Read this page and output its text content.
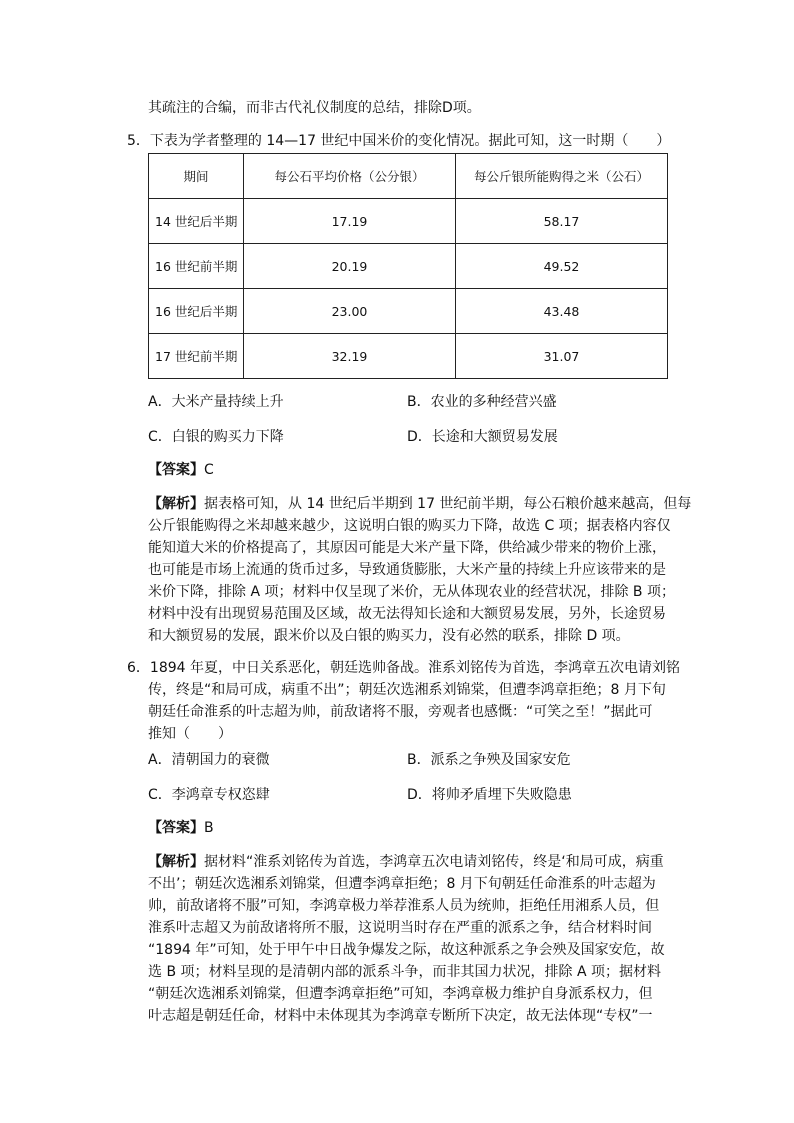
其疏注的合编，而非古代礼仪制度的总结，排除D项。
5．下表为学者整理的 14—17 世纪中国米价的变化情况。据此可知，这一时期（　　）
期间	每公石平均价格（公分银）	每公斤银所能购得之米（公石）
14 世纪后半期	17.19	58.17
16 世纪前半期	20.19	49.52
16 世纪后半期	23.00	43.48
17 世纪前半期	32.19	31.07
A．大米产量持续上升	B．农业的多种经营兴盛
C．白银的购买力下降	D．长途和大额贸易发展
【答案】C
【解析】据表格可知，从 14 世纪后半期到 17 世纪前半期，每公石粮价越来越高，但每
公斤银能购得之米却越来越少，这说明白银的购买力下降，故选 C 项；据表格内容仅
能知道大米的价格提高了，其原因可能是大米产量下降，供给减少带来的物价上涨，
也可能是市场上流通的货币过多，导致通货膨胀，大米产量的持续上升应该带来的是
米价下降，排除 A 项；材料中仅呈现了米价，无从体现农业的经营状况，排除 B 项；
材料中没有出现贸易范围及区域，故无法得知长途和大额贸易发展，另外，长途贸易
和大额贸易的发展，跟米价以及白银的购买力，没有必然的联系，排除 D 项。
6．1894 年夏，中日关系恶化，朝廷选帅备战。淮系刘铭传为首选，李鸿章五次电请刘铭
传，终是“和局可成，病重不出”；朝廷次选湘系刘锦棠，但遭李鸿章拒绝；8 月下旬
朝廷任命淮系的叶志超为帅，前敌诸将不服，旁观者也感慨：“可笑之至！”据此可
推知（　　）
A．清朝国力的衰微	B．派系之争殃及国家安危
C．李鸿章专权恣肆	D．将帅矛盾埋下失败隐患
【答案】B
【解析】据材料“淮系刘铭传为首选，李鸿章五次电请刘铭传，终是‘和局可成，病重
不出’；朝廷次选湘系刘锦棠，但遭李鸿章拒绝；8 月下旬朝廷任命淮系的叶志超为
帅，前敌诸将不服”可知，李鸿章极力举荐淮系人员为统帅，拒绝任用湘系人员，但
淮系叶志超又为前敌诸将所不服，这说明当时存在严重的派系之争，结合材料时间
“1894 年”可知，处于甲午中日战争爆发之际，故这种派系之争会殃及国家安危，故
选 B 项；材料呈现的是清朝内部的派系斗争，而非其国力状况，排除 A 项；据材料
“朝廷次选湘系刘锦棠，但遭李鸿章拒绝”可知，李鸿章极力维护自身派系权力，但
叶志超是朝廷任命，材料中未体现其为李鸿章专断所下决定，故无法体现“专权”一
